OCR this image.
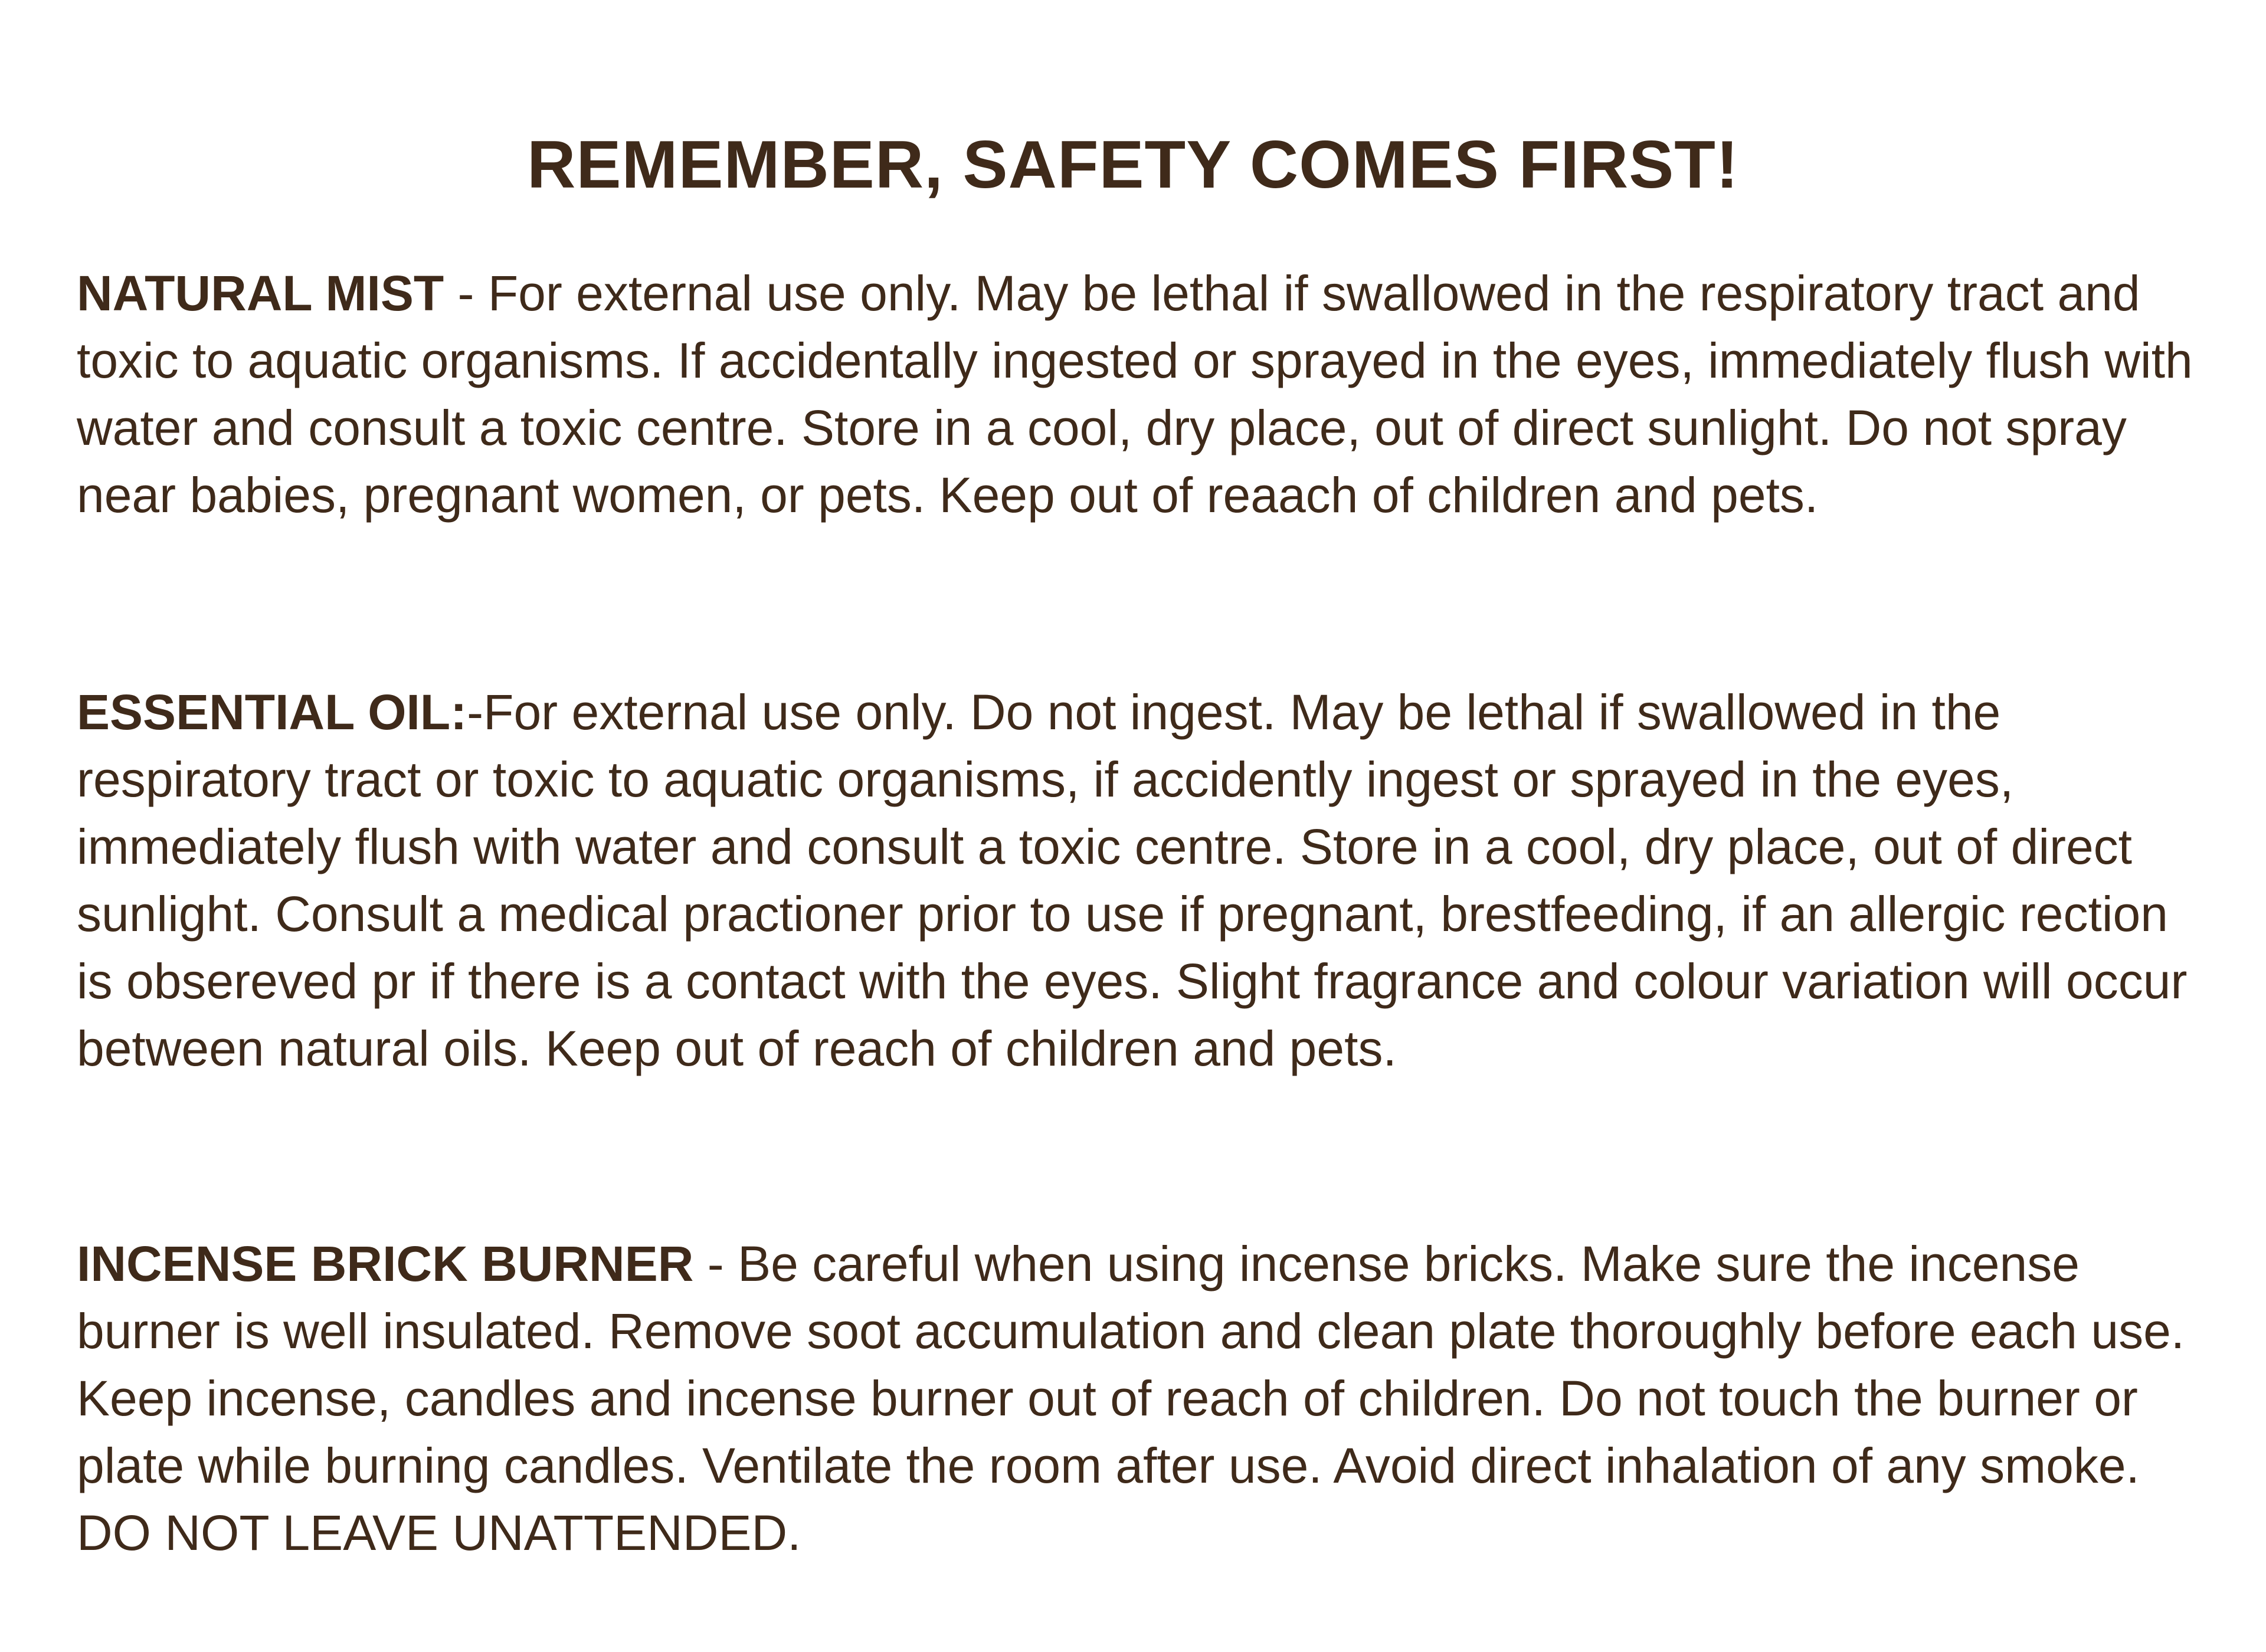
REMEMBER, SAFETY COMES FIRST!

NATURAL MIST - For external use only. May be lethal if swallowed in the respiratory tract and toxic to aquatic organisms. If accidentally ingested or sprayed in the eyes, immediately flush with water and consult a toxic centre. Store in a cool, dry place, out of direct sunlight. Do not spray near babies, pregnant women, or pets. Keep out of reaach of children and pets.

ESSENTIAL OIL:-For external use only. Do not ingest. May be lethal if swallowed in the respiratory tract or toxic to aquatic organisms, if accidently ingest or sprayed in the eyes, immediately flush with water and consult a toxic centre. Store in a cool, dry place, out of direct sunlight. Consult a medical practioner prior to use if pregnant, brestfeeding, if an allergic rection is obsereved pr if there is a contact with the eyes. Slight fragrance and colour variation will occur between natural oils. Keep out of reach of children and pets.

INCENSE BRICK BURNER - Be careful when using incense bricks. Make sure the incense burner is well insulated. Remove soot accumulation and clean plate thoroughly before each use. Keep incense, candles and incense burner out of reach of children. Do not touch the burner or plate while burning candles. Ventilate the room after use. Avoid direct inhalation of any smoke. DO NOT LEAVE UNATTENDED.
